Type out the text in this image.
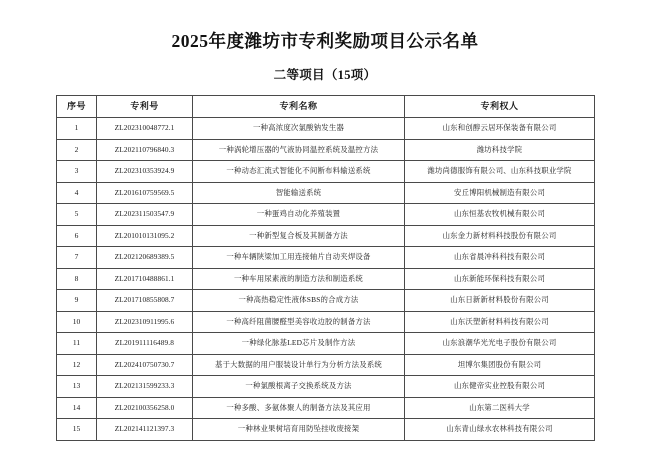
2025年度潍坊市专利奖励项目公示名单
二等项目（15项）
序号	专利号	专利名称	专利权人
1	ZL202310048772.1	一种高浓度次氯酸钠发生器	山东和创醇云居环保装备有限公司
2	ZL202110796840.3	一种涡轮增压器的气液协同温控系统及温控方法	潍坊科技学院
3	ZL202310353924.9	一种动态汇流式智能化不间断布料输送系统	潍坊尚德服饰有限公司、山东科技职业学院
4	ZL201610759569.5	智能输送系统	安丘博阳机械制造有限公司
5	ZL202311503547.9	一种蛋鸡自动化养殖装置	山东恒基农牧机械有限公司
6	ZL201010131095.2	一种新型复合板及其制备方法	山东金力新材料科技股份有限公司
7	ZL202120689389.5	一种车辆陕梁加工用连接轴片自动夹焊设备	山东省晨冲科科技有限公司
8	ZL201710488861.1	一种车用尿素液的制造方法和制造系统	山东新能环保科技有限公司
9	ZL201710855808.7	一种高热稳定性液体SBS的合成方法	山东日新新材料股份有限公司
10	ZL202310911995.6	一种高纤阻菌腰醛型美容收边胶的制备方法	山东沃塑新材料科技有限公司
11	ZL201911116489.8	一种绿化脉基LED芯片及制作方法	山东浪潮华光光电子股份有限公司
12	ZL202410750730.7	基于大数据的用户服装设计单行为分析方法及系统	坦博尔集团股份有限公司
13	ZL202131599233.3	一种氯酸根离子交换系统及方法	山东健帝实业控股有限公司
14	ZL202100356258.0	一种多酸、多氨体聚人的制备方法及其应用	山东第二医科大学
15	ZL202141121397.3	一种林业果树培育用防坠挂收废接架	山东青山绿水农林科技有限公司
